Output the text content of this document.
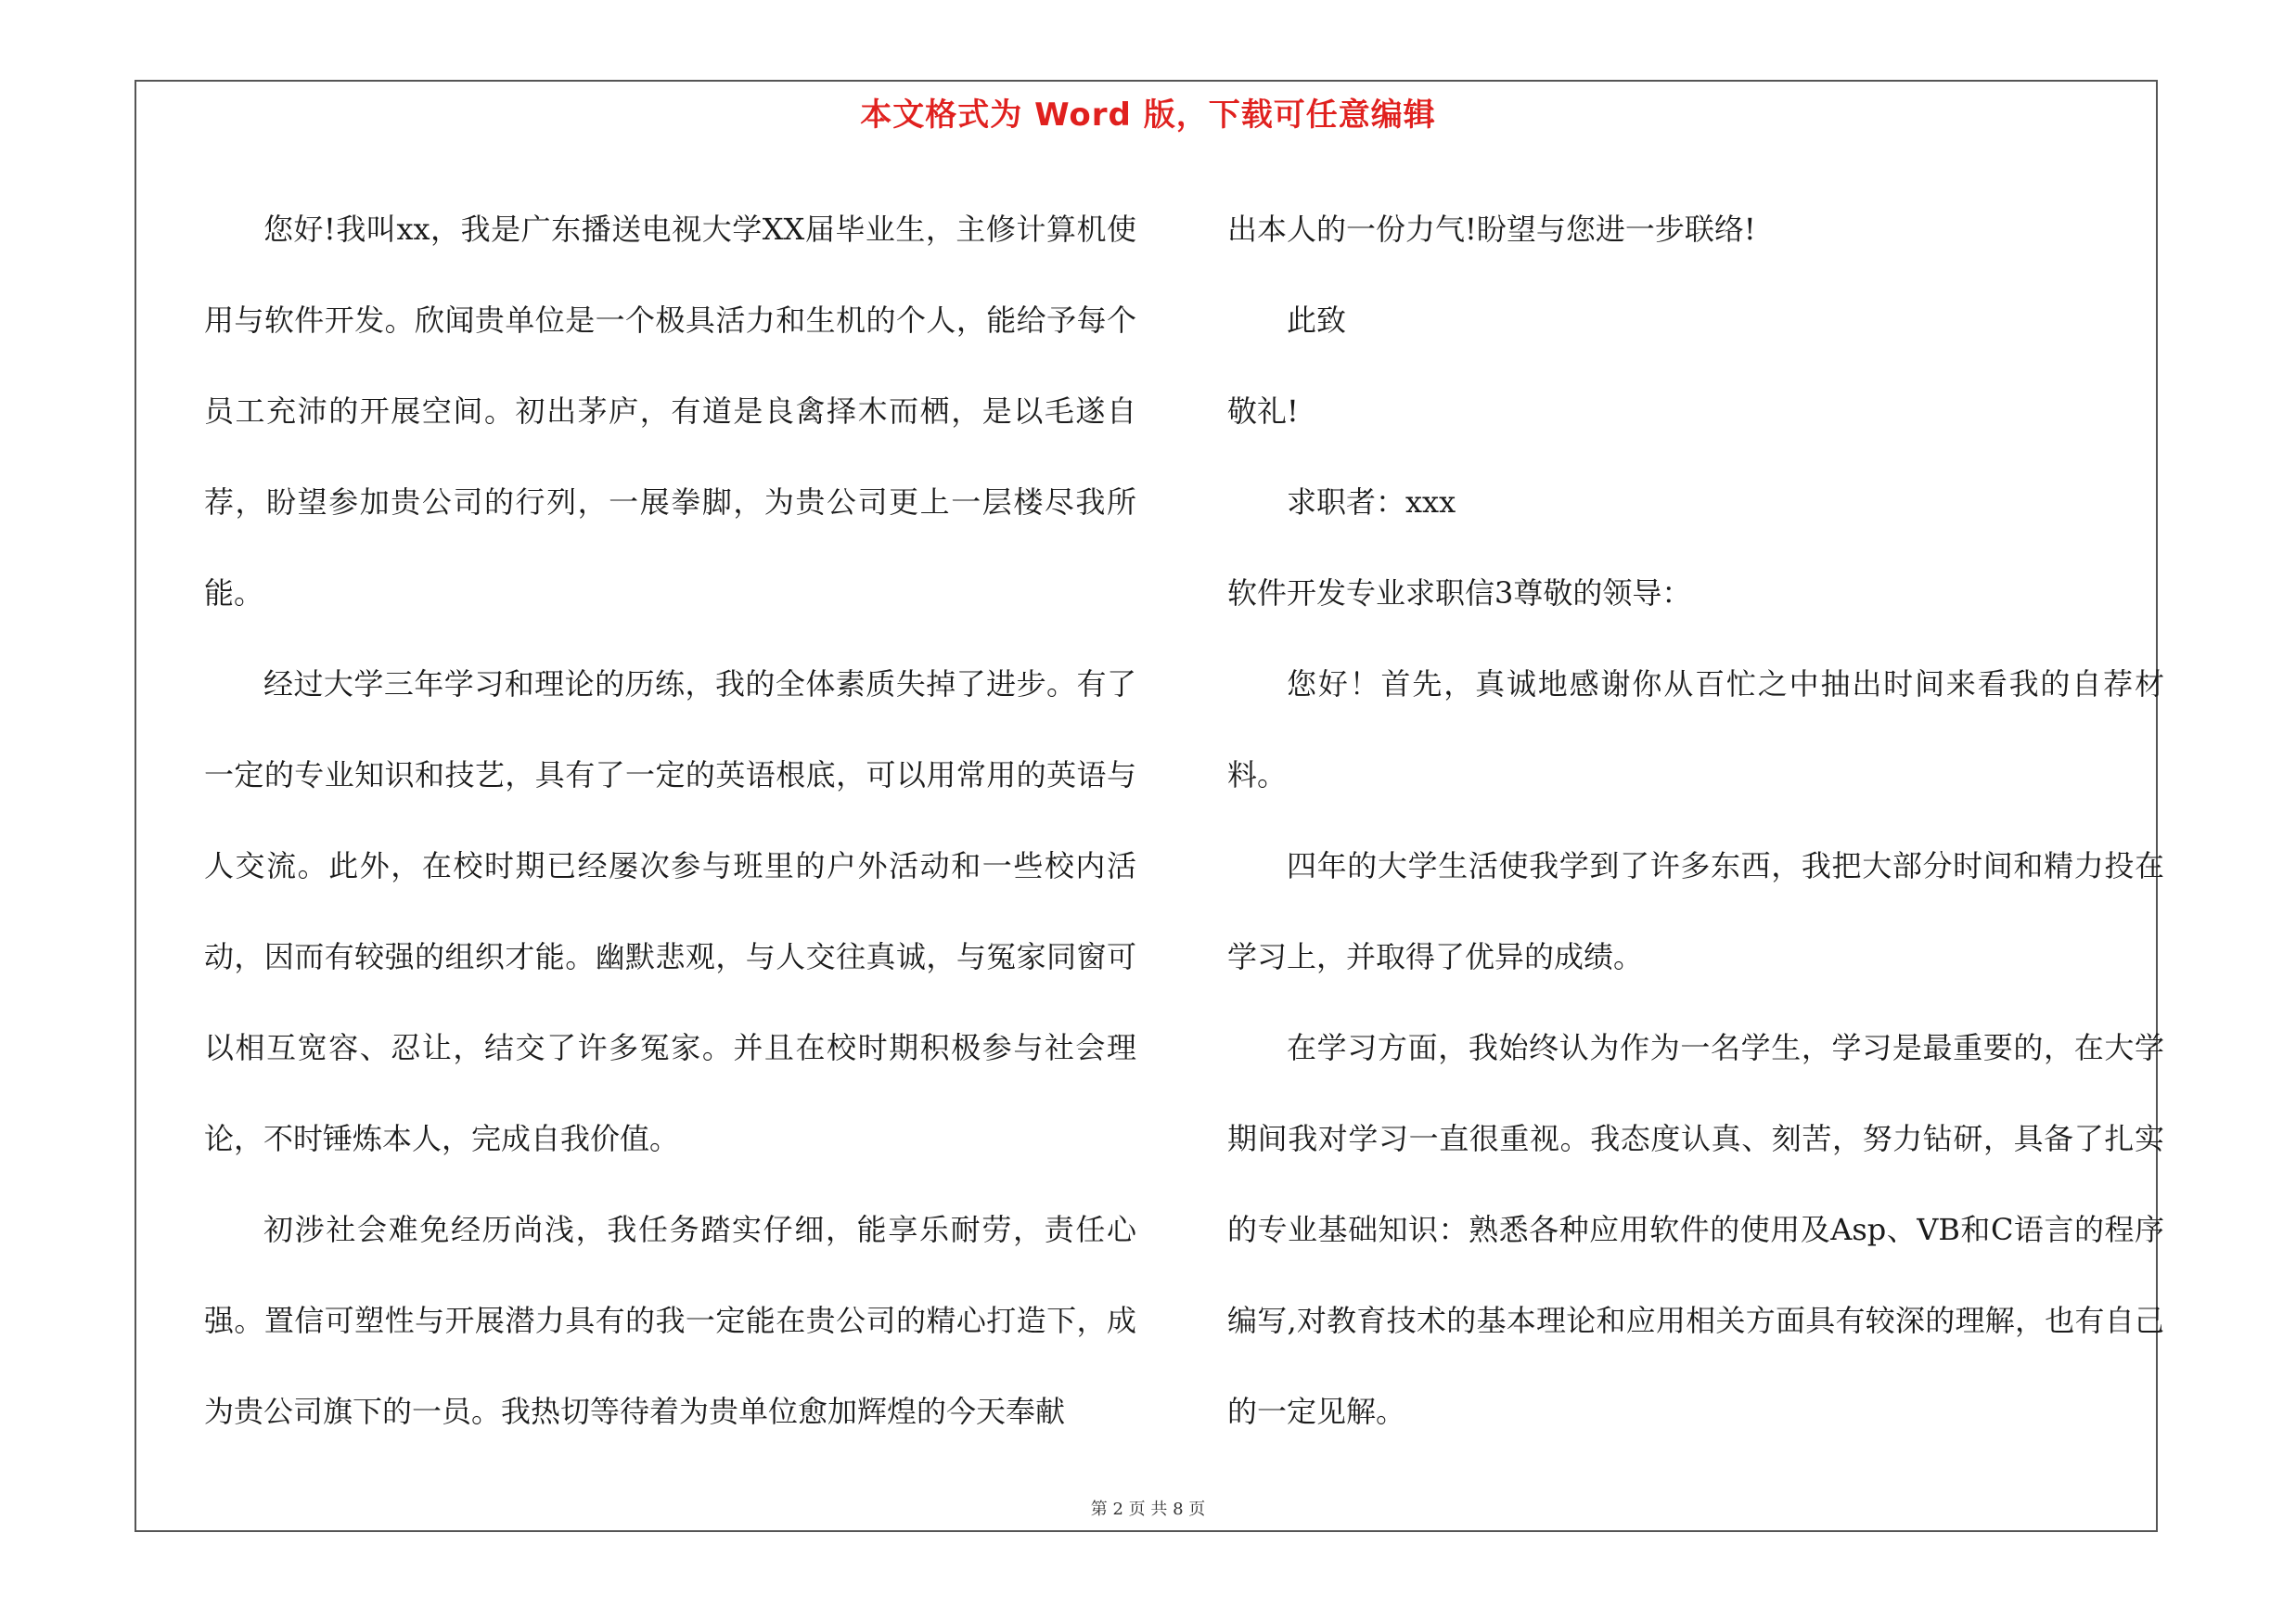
本文格式为 Word 版，下载可任意编辑

您好!我叫xx，我是广东播送电视大学XX届毕业生，主修计算机使用与软件开发。欣闻贵单位是一个极具活力和生机的个人，能给予每个员工充沛的开展空间。初出茅庐，有道是良禽择木而栖，是以毛遂自荐，盼望参加贵公司的行列，一展拳脚，为贵公司更上一层楼尽我所能。

经过大学三年学习和理论的历练，我的全体素质失掉了进步。有了一定的专业知识和技艺，具有了一定的英语根底，可以用常用的英语与人交流。此外，在校时期已经屡次参与班里的户外活动和一些校内活动，因而有较强的组织才能。幽默悲观，与人交往真诚，与冤家同窗可以相互宽容、忍让，结交了许多冤家。并且在校时期积极参与社会理论，不时锤炼本人，完成自我价值。

初涉社会难免经历尚浅，我任务踏实仔细，能享乐耐劳，责任心强。置信可塑性与开展潜力具有的我一定能在贵公司的精心打造下，成为贵公司旗下的一员。我热切等待着为贵单位愈加辉煌的今天奉献

出本人的一份力气!盼望与您进一步联络!

此致

敬礼!

求职者：xxx

软件开发专业求职信3尊敬的领导：

您好！首先，真诚地感谢你从百忙之中抽出时间来看我的自荐材料。

四年的大学生活使我学到了许多东西，我把大部分时间和精力投在学习上，并取得了优异的成绩。

在学习方面，我始终认为作为一名学生，学习是最重要的，在大学期间我对学习一直很重视。我态度认真、刻苦，努力钻研，具备了扎实的专业基础知识：熟悉各种应用软件的使用及Asp、VB和C语言的程序编写,对教育技术的基本理论和应用相关方面具有较深的理解，也有自己的一定见解。

第 2 页 共 8 页
